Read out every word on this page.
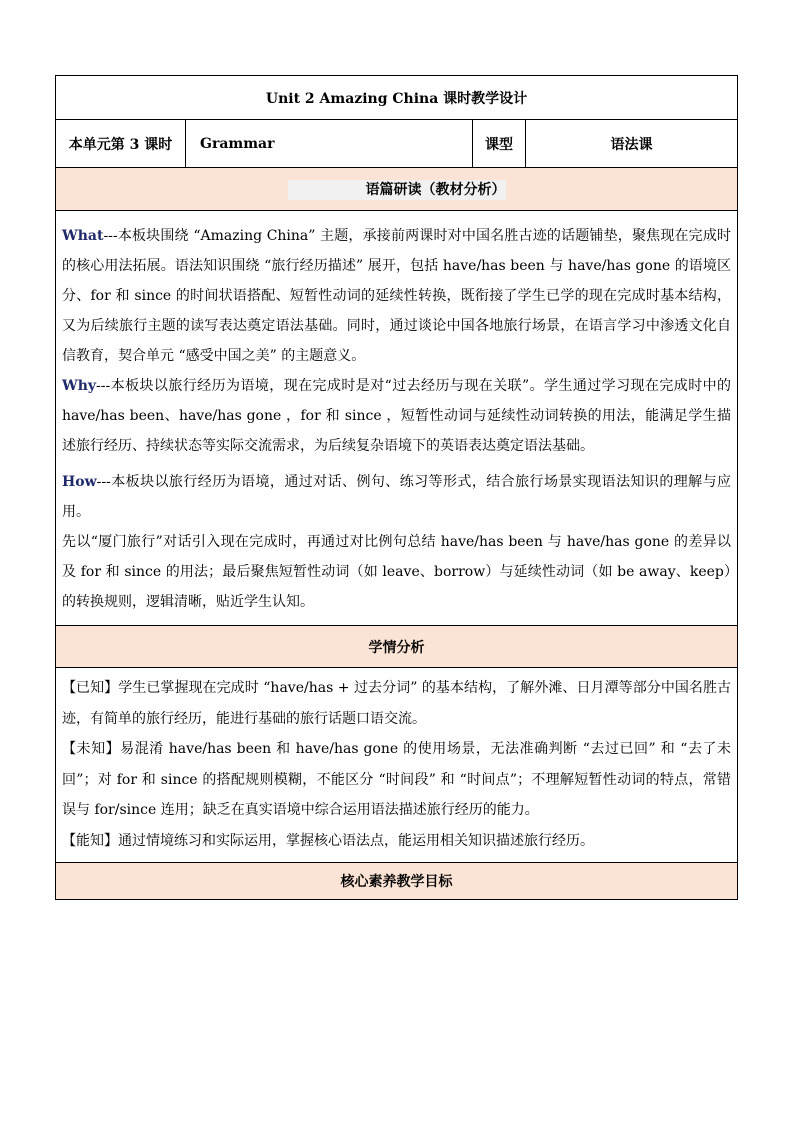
Unit 2 Amazing China 课时教学设计
本单元第 3 课时	Grammar	课型	语法课
语篇研读（教材分析）

What---本板块围绕 “Amazing China” 主题，承接前两课时对中国名胜古迹的话题铺垫，聚焦现在完成时的核心用法拓展。语法知识围绕 “旅行经历描述” 展开，包括 have/has been 与 have/has gone 的语境区分、for 和 since 的时间状语搭配、短暂性动词的延续性转换，既衔接了学生已学的现在完成时基本结构，又为后续旅行主题的读写表达奠定语法基础。同时，通过谈论中国各地旅行场景，在语言学习中渗透文化自信教育，契合单元 “感受中国之美” 的主题意义。

Why---本板块以旅行经历为语境，现在完成时是对“过去经历与现在关联”。学生通过学习现在完成时中的 have/has been、have/has gone ，for 和 since ，短暂性动词与延续性动词转换的用法，能满足学生描述旅行经历、持续状态等实际交流需求，为后续复杂语境下的英语表达奠定语法基础。

How---本板块以旅行经历为语境，通过对话、例句、练习等形式，结合旅行场景实现语法知识的理解与应用。

先以“厦门旅行”对话引入现在完成时，再通过对比例句总结 have/has been 与 have/has gone 的差异以及 for 和 since 的用法；最后聚焦短暂性动词（如 leave、borrow）与延续性动词（如 be away、keep）的转换规则，逻辑清晰，贴近学生认知。

学情分析

【已知】学生已掌握现在完成时 “have/has + 过去分词” 的基本结构，了解外滩、日月潭等部分中国名胜古迹，有简单的旅行经历，能进行基础的旅行话题口语交流。

【未知】易混淆 have/has been 和 have/has gone 的使用场景，无法准确判断 “去过已回” 和 “去了未回”；对 for 和 since 的搭配规则模糊，不能区分 “时间段” 和 “时间点”；不理解短暂性动词的特点，常错误与 for/since 连用；缺乏在真实语境中综合运用语法描述旅行经历的能力。

【能知】通过情境练习和实际运用，掌握核心语法点，能运用相关知识描述旅行经历。

核心素养教学目标
